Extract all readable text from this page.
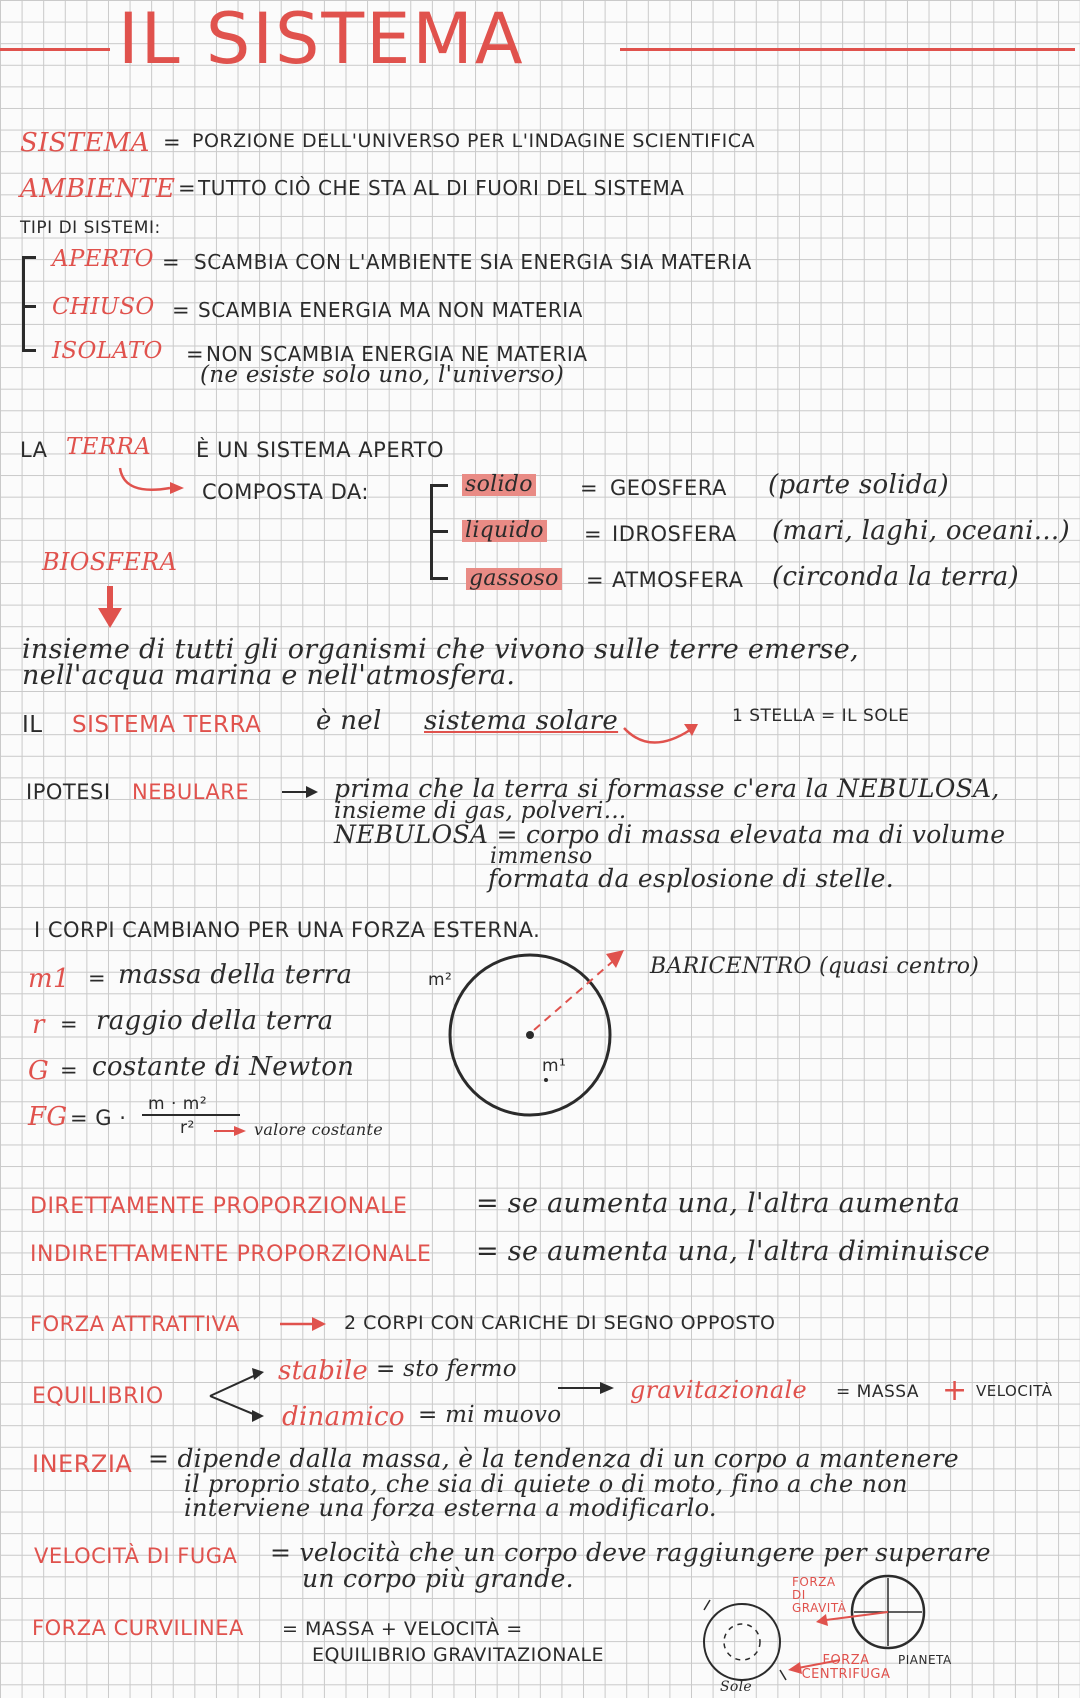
IL SISTEMA
SISTEMA = PORZIONE DELL'UNIVERSO PER L'INDAGINE SCIENTIFICA
AMBIENTE = TUTTO CIÒ CHE STA AL DI FUORI DEL SISTEMA
TIPI DI SISTEMI:
APERTO = SCAMBIA CON L'AMBIENTE SIA ENERGIA SIA MATERIA
CHIUSO = SCAMBIA ENERGIA MA NON MATERIA
ISOLATO = NON SCAMBIA ENERGIA NE MATERIA
(ne esiste solo uno, l'universo)
LA TERRA È UN SISTEMA APERTO
COMPOSTA DA:	solido = GEOSFERA (parte solida)
liquido = IDROSFERA (mari, laghi, oceani...)
gassoso = ATMOSFERA (circonda la terra)
BIOSFERA
insieme di tutti gli organismi che vivono sulle terre emerse,
nell'acqua marina e nell'atmosfera.
IL SISTEMA TERRA è nel sistema solare	1 STELLA = IL SOLE
IPOTESI NEBULARE	prima che la terra si formasse c'era la NEBULOSA,
insieme di gas, polveri...
NEBULOSA = corpo di massa elevata ma di volume
immenso
formata da esplosione di stelle.
I CORPI CAMBIANO PER UNA FORZA ESTERNA.
m1 = massa della terra
r = raggio della terra
G = costante di Newton
FG = G ·
m · m²
r²	valore costante
m²
m¹
BARICENTRO (quasi centro)
DIRETTAMENTE PROPORZIONALE	= se aumenta una, l'altra aumenta
INDIRETTAMENTE PROPORZIONALE = se aumenta una, l'altra diminuisce
FORZA ATTRATTIVA	2 CORPI CON CARICHE DI SEGNO OPPOSTO
EQUILIBRIO
stabile = sto fermo
dinamico = mi muovo
gravitazionale = MASSA + VELOCITÀ
INERZIA = dipende dalla massa, è la tendenza di un corpo a mantenere
il proprio stato, che sia di quiete o di moto, fino a che non
interviene una forza esterna a modificarlo.
VELOCITÀ DI FUGA = velocità che un corpo deve raggiungere per superare
un corpo più grande.
FORZA CURVILINEA = MASSA + VELOCITÀ =
EQUILIBRIO GRAVITAZIONALE
FORZA DI GRAVITÀ
FORZA CENTRIFUGA
PIANETA
Sole
